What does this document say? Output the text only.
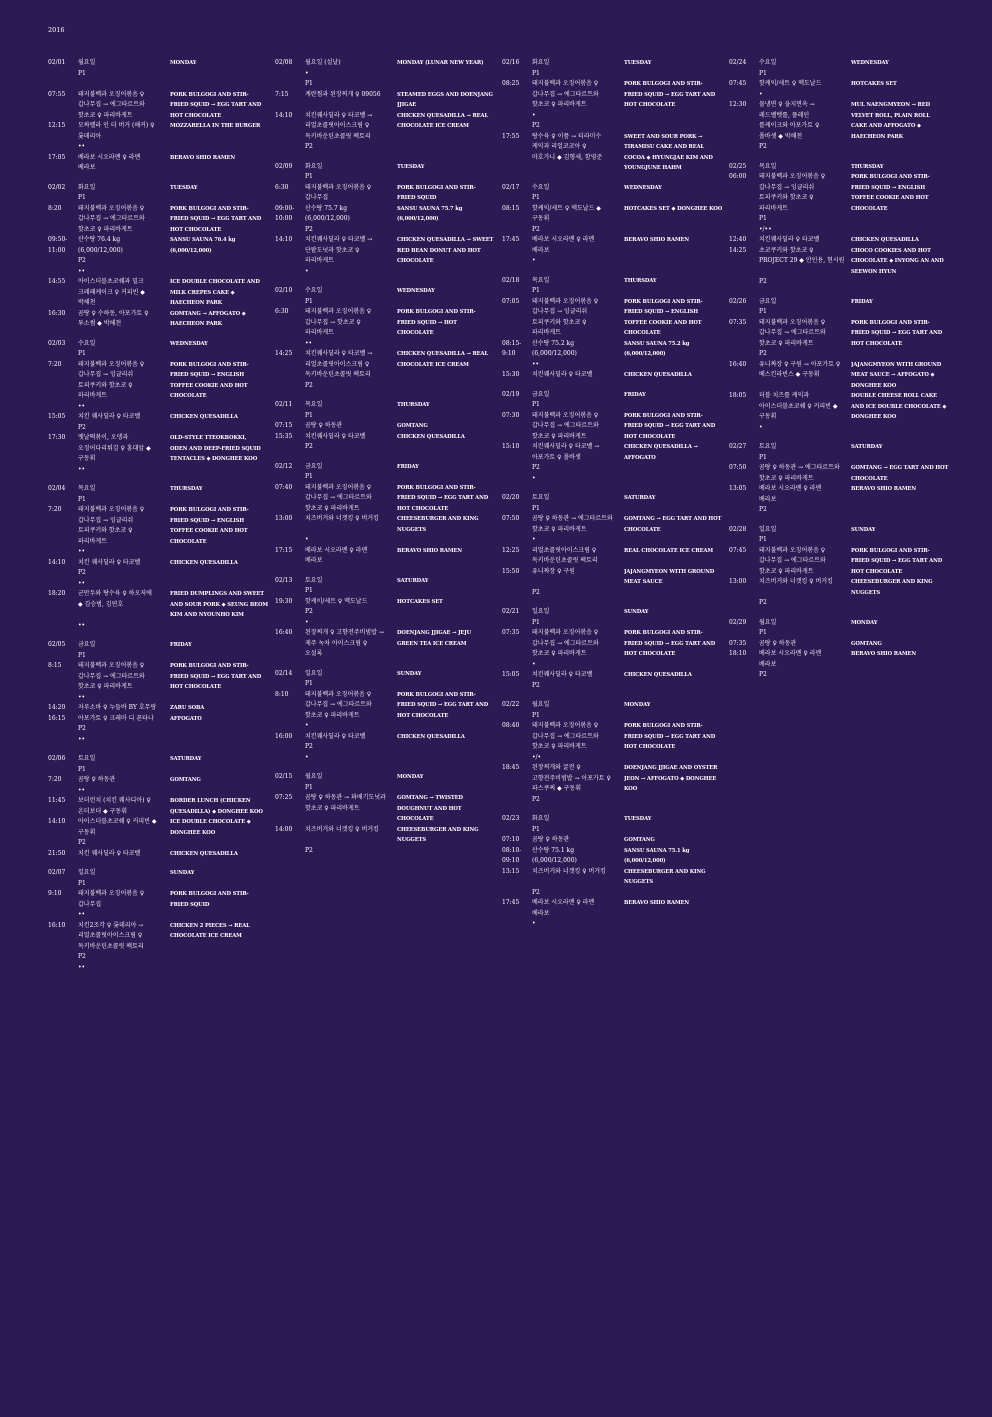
2016
02/01	월요일	MONDAY
P1
07:55	돼지불백과 오징어볶음 ♀	PORK BULGOGI AND STIR-
갑나무집 → 에그타르트와	FRIED SQUID → EGG TART AND
핫초코 ♀ 파리바게트	HOT CHOCOLATE
12:15	모짜렐라 인 더 버거 (해커) ♀	MOZZARELLA IN THE BURGER
롯데리아
••
17:05	베라보 시오라멘 ♀ 라멘	BERAVO SHIO RAMEN
베라보
02/02	화요일	TUESDAY
P1
8:20	돼지불백과 오징어볶음 ♀	PORK BULGOGI AND STIR-
갑나무집 → 에그타르트와	FRIED SQUID → EGG TART AND
핫초코 ♀ 파리바게트	HOT CHOCOLATE
09:50-	산수탕 76.4 kg	SANSU SAUNA 76.4 kg
11:00	(6,000/12,000)	(6,000/12,000)
P2
••
14:55	아이스더블초코쉐과 밀크	ICE DOUBLE CHOCOLATE AND
크레페케이크 ♀ 커피빈 ◆	MILK CREPES CAKE ◆
박해천	HAECHEON PARK
16:30	곰탕 ♀ 수하동, 아포가토 ♀	GOMTANG → AFFOGATO ◆
투소썸 ◆ 박해천	HAECHEON PARK
02/03	수요일	WEDNESDAY
P1
7:20	돼지불백과 오징어볶음 ♀	PORK BULGOGI AND STIR-
갑나무집 → 잉글리쉬	FRIED SQUID → ENGLISH
토피쿠키와 핫초코 ♀	TOFFEE COOKIE AND HOT
파리바게트	CHOCOLATE
••
15:05	치킨 퀘사딜라 ♀ 타코벨	CHICKEN QUESADILLA
P2
17:30	옛날떡볶이, 오뎅과	OLD-STYLE TTEOKBOKKI,
오징어다리튀김 ♀ 홍대앞 ◆	ODEN AND DEEP-FRIED SQUID
구동휘	TENTACLES ◆ DONGHEE KOO
••
02/04	목요일	THURSDAY
P1
7:20	돼지불백과 오징어볶음 ♀	PORK BULGOGI AND STIR-
갑나무집 → 잉글리쉬	FRIED SQUID → ENGLISH
토피쿠키와 핫초코 ♀	TOFFEE COOKIE AND HOT
파리바게트	CHOCOLATE
••
14:10	치킨 퀘사딜라 ♀ 타코벨	CHICKEN QUESADILLA
P2
••
18:20	군만두와 탕수육 ♀ 하오저에	FRIED DUMPLINGS AND SWEET
◆ 김승범, 김연호	AND SOUR PORK ◆ SEUNG BEOM
KIM AND NYOUNHO KIM
••
02/05	금요일	FRIDAY
P1
8:15	돼지불백과 오징어볶음 ♀	PORK BULGOGI AND STIR-
갑나무집 → 에그타르트와	FRIED SQUID → EGG TART AND
핫초코 ♀ 파리바게트	HOT CHOCOLATE
••
14:20	자루소바 ♀ 누들바 BY 호무랑	ZARU SOBA
16:15	아포가토 ♀ 크레마 디 폰타나	AFFOGATO
P2
••
02/06	토요일	SATURDAY
P1
7:20	곰탕 ♀ 하동관	GOMTANG
••
11:45	보더런치 (치킨 퀘사디아) ♀	BORDER LUNCH (CHICKEN
온더보더 ◆ 구동휘	QUESADILLA) ◆ DONGHEE KOO
14:10	아이스더블초코쉐 ♀ 커피빈 ◆	ICE DOUBLE CHOCOLATE ◆
구동휘	DONGHEE KOO
P2
21:50	치킨 퀘사딜라 ♀ 타코벨	CHICKEN QUESADILLA
02/07	일요일	SUNDAY
P1
9:10	돼지불백과 오징어볶음 ♀	PORK BULGOGI AND STIR-
갑나무집	FRIED SQUID
••
16:10	치킨2조각 ♀ 롯데리아 →	CHICKEN 2 PIECES → REAL
리얼초콜릿아이스크림 ♀	CHOCOLATE ICE CREAM
독키바운틴초콜릿 팩토리
P2
••
02/08	월요일 (설날)	MONDAY (LUNAR NEW YEAR)
•
P1
7:15	계란찜과 된장찌개 ♀ 09056	STEAMED EGGS AND DOENJANG
JJIGAE
14:10	치킨퀘사딜라 ♀ 타코벨 →	CHICKEN QUESADILLA → REAL
리얼초콜릿아이스크림 ♀	CHOCOLATE ICE CREAM
독키바운틴초콜릿 팩토리
P2
02/09	화요일	TUESDAY
P1
6:30	돼지불백과 오징어볶음 ♀	PORK BULGOGI AND STIR-
갑나무집	FRIED SQUID
09:00-	산수탕 75.7 kg	SANSU SAUNA 75.7 kg
10:00	(6,000/12,000)	(6,000/12,000)
P2
14:10	치킨퀘사딜라 ♀ 타코벨 →	CHICKEN QUESADILLA → SWEET
단팥도넛과 핫초코 ♀	RED BEAN DONUT AND HOT
파리바게트	CHOCOLATE
•
02/10	수요일	WEDNESDAY
P1
6:30	돼지불백과 오징어볶음 ♀	PORK BULGOGI AND STIR-
갑나무집 → 핫초코 ♀	FRIED SQUID → HOT
파리바게트	CHOCOLATE
••
14:25	치킨퀘사딜라 ♀ 타코벨 →	CHICKEN QUESADILLA → REAL
리얼초콜릿아이스크림 ♀	CHOCOLATE ICE CREAM
독키바운틴초콜릿 팩토리
P2
02/11	목요일	THURSDAY
P1
07:15	곰탕 ♀ 하동관	GOMTANG
15:35	치킨퀘사딜라 ♀ 타코벨	CHICKEN QUESADILLA
P2
02/12	금요일	FRIDAY
P1
07:40	돼지불백과 오징어볶음 ♀	PORK BULGOGI AND STIR-
갑나무집 → 에그타르트와	FRIED SQUID → EGG TART AND
핫초코 ♀ 파리바게트	HOT CHOCOLATE
13:00	치즈버거와 너겟킹 ♀ 버거킹	CHEESEBURGER AND KING
NUGGETS
•
17:15	베라보 시오라멘 ♀ 라멘	BERAVO SHIO RAMEN
베라보
02/13	토요일	SATURDAY
P1
19:30	핫케이/세트 ♀ 맥도날드	HOTCAKES SET
P2
•
16:40	된장찌개 ♀ 고향전주비빔밥 →	DOENJANG JJIGAE → JEJU
제주 녹차 아이스크림 ♀	GREEN TEA ICE CREAM
오설록
02/14	일요일	SUNDAY
P1
8:10	돼지불백과 오징어볶음 ♀	PORK BULGOGI AND STIR-
갑나무집 → 에그타르트와	FRIED SQUID → EGG TART AND
핫초코 ♀ 파리바게트	HOT CHOCOLATE
•
16:00	치킨퀘사딜라 ♀ 타코벨	CHICKEN QUESADILLA
P2
•
02/15	월요일	MONDAY
P1
07:25	곰탕 ♀ 하동관 → 꽈배기도넛과	GOMTANG → TWISTED
핫초코 ♀ 파리바게트	DOUGHNUT AND HOT
CHOCOLATE
14:00	치즈버거와 너겟킹 ♀ 버거킹	CHEESEBURGER AND KING
NUGGETS
P2
02/16	화요일	TUESDAY
P1
08:25	돼지불백과 오징어볶음 ♀	PORK BULGOGI AND STIR-
갑나무집 → 에그타르트와	FRIED SQUID → EGG TART AND
핫초코 ♀ 파리바게트	HOT CHOCOLATE
•
P2
17:55	탕수육 ♀ 이품 → 티라미수	SWEET AND SOUR PORK →
케익과 리얼코코아 ♀	TIRAMISU CAKE AND REAL
마호가니 ◆ 김형세, 함영준	COCOA ◆ HYUNGJAE KIM AND
YOUNGJUNE HAHM
02/17	수요일	WEDNESDAY
P1
08:15	핫케익/세트 ♀ 맥도날드 ◆	HOTCAKES SET ◆ DONGHEE KOO
구동휘
P2
17:45	베라보 시오라멘 ♀ 라멘	BERAVO SHIO RAMEN
베라보
•
02/18	목요일	THURSDAY
P1
07:05	돼지불백과 오징어볶음 ♀	PORK BULGOGI AND STIR-
갑나무집 → 잉글리쉬	FRIED SQUID → ENGLISH
토피쿠키와 핫초코 ♀	TOFFEE COOKIE AND HOT
파리바게트	CHOCOLATE
08:15-	산수탕 75.2 kg	SANSU SAUNA 75.2 kg
9:10	(6,000/12,000)	(6,000/12,000)
••
15:30	치킨퀘사딜라 ♀ 타코벨	CHICKEN QUESADILLA
02/19	금요일	FRIDAY
P1
07:30	돼지불백과 오징어볶음 ♀	PORK BULGOGI AND STIR-
갑나무집 → 에그타르트와	FRIED SQUID → EGG TART AND
핫초코 ♀ 파리바게트	HOT CHOCOLATE
15:10	치킨퀘사딜라 ♀ 타코벨 →	CHICKEN QUESADILLA →
아포가토 ♀ 폴바셋	AFFOGATO
P2
•
02/20	토요일	SATURDAY
P1
07:50	곰탕 ♀ 하동관 → 에그타르트와	GOMTANG → EGG TART AND HOT
핫초코 ♀ 파리바게트	CHOCOLATE
•
12:25	리얼초콜릿아이스크림 ♀	REAL CHOCOLATE ICE CREAM
독키바운틴초콜릿 팩토리
15:50	유니짜장 ♀ 구원	JAJANGMYEON WITH GROUND
MEAT SAUCE
P2
02/21	일요일	SUNDAY
P1
07:35	돼지불백과 오징어볶음 ♀	PORK BULGOGI AND STIR-
갑나무집 → 에그타르트와	FRIED SQUID → EGG TART AND
핫초코 ♀ 파리바게트	HOT CHOCOLATE
•
15:05	치킨퀘사딜라 ♀ 타코벨	CHICKEN QUESADILLA
P2
02/22	월요일	MONDAY
P1
08:40	돼지불백과 오징어볶음 ♀	PORK BULGOGI AND STIR-
갑나무집 → 에그타르트와	FRIED SQUID → EGG TART AND
핫초코 ♀ 파리바게트	HOT CHOCOLATE
•/•
18:45	된장찌개와 굴전 ♀	DOENJANG JJIGAE AND OYSTER
고향전주비빔밥 → 아포가토 ♀	JEON → AFFOGATO ◆ DONGHEE
파스쿠찌 ◆ 구동휘	KOO
P2
02/23	화요일	TUESDAY
P1
07:10	곰탕 ♀ 하동관	GOMTANG
08:10-	산수탕 75.1 kg	SANSU SAUNA 75.1 kg
09:10	(6,000/12,000)	(6,000/12,000)
13:15	치즈버거와 너겟킹 ♀ 버거킹	CHEESEBURGER AND KING
NUGGETS
P2
17:45	베라보 시오라멘 ♀ 라멘	BERAVO SHIO RAMEN
베라보
•
02/24	수요일	WEDNESDAY
P1
07:45	핫케익/세트 ♀ 맥도날드	HOTCAKES SET
•
12:30	물냉면 ♀ 을지면옥 →	MUL NAENGMYEON → RED
레드벨벳롤, 플레인	VELVET ROLL, PLAIN ROLL
롤케이크와 아포가토 ♀	CAKE AND AFFOGATO ◆
폴바셋 ◆ 박해천	HAECHEON PARK
P2
02/25	목요일	THURSDAY
06:00	돼지불백과 오징어볶음 ♀	PORK BULGOGI AND STIR-
갑나무집 → 잉글리쉬	FRIED SQUID → ENGLISH
토피쿠키와 핫초코 ♀	TOFFEE COOKIE AND HOT
파리바게트	CHOCOLATE
P1
•/••
12:40	치킨퀘사딜라 ♀ 타코벨	CHICKEN QUESADILLA
14:25	초코쿠키와 핫초코 ♀	CHOCO COOKIES AND HOT
PROJECT 29 ◆ 안인용, 현시원	CHOCOLATE ◆ INYONG AN AND
SEEWON HYUN
P2
02/26	금요일	FRIDAY
P1
07:35	돼지불백과 오징어볶음 ♀	PORK BULGOGI AND STIR-
갑나무집 → 에그타르트와	FRIED SQUID → EGG TART AND
핫초코 ♀ 파리바게트	HOT CHOCOLATE
P2
16:40	유니짜장 ♀ 구원 → 아포가토 ♀	JAJANGMYEON WITH GROUND
베스킨라빈스 ◆ 구동휘	MEAT SAUCE → AFFOGATO ◆
DONGHEE KOO
18:05	더블 치즈롤 케익과	DOUBLE CHEESE ROLL CAKE
아이스더블초코쉐 ♀ 커피빈 ◆	AND ICE DOUBLE CHOCOLATE ◆
구동휘	DONGHEE KOO
•
02/27	토요일	SATURDAY
P1
07:50	곰탕 ♀ 하동관 → 에그타르트와	GOMTANG → EGG TART AND HOT
핫초코 ♀ 파리바게트	CHOCOLATE
13:05	베라보 시오라멘 ♀ 라멘	BERAVO SHIO RAMEN
베라보
P2
02/28	일요일	SUNDAY
P1
07:45	돼지불백과 오징어볶음 ♀	PORK BULGOGI AND STIR-
갑나무집 → 에그타르트와	FRIED SQUID → EGG TART AND
핫초코 ♀ 파리바게트	HOT CHOCOLATE
13:00	치즈버거와 너겟킹 ♀ 버거킹	CHEESEBURGER AND KING
NUGGETS
P2
02/29	월요일	MONDAY
P1
07:35	곰탕 ♀ 하동관	GOMTANG
18:10	베라보 시오라멘 ♀ 라멘	BERAVO SHIO RAMEN
베라보
P2
